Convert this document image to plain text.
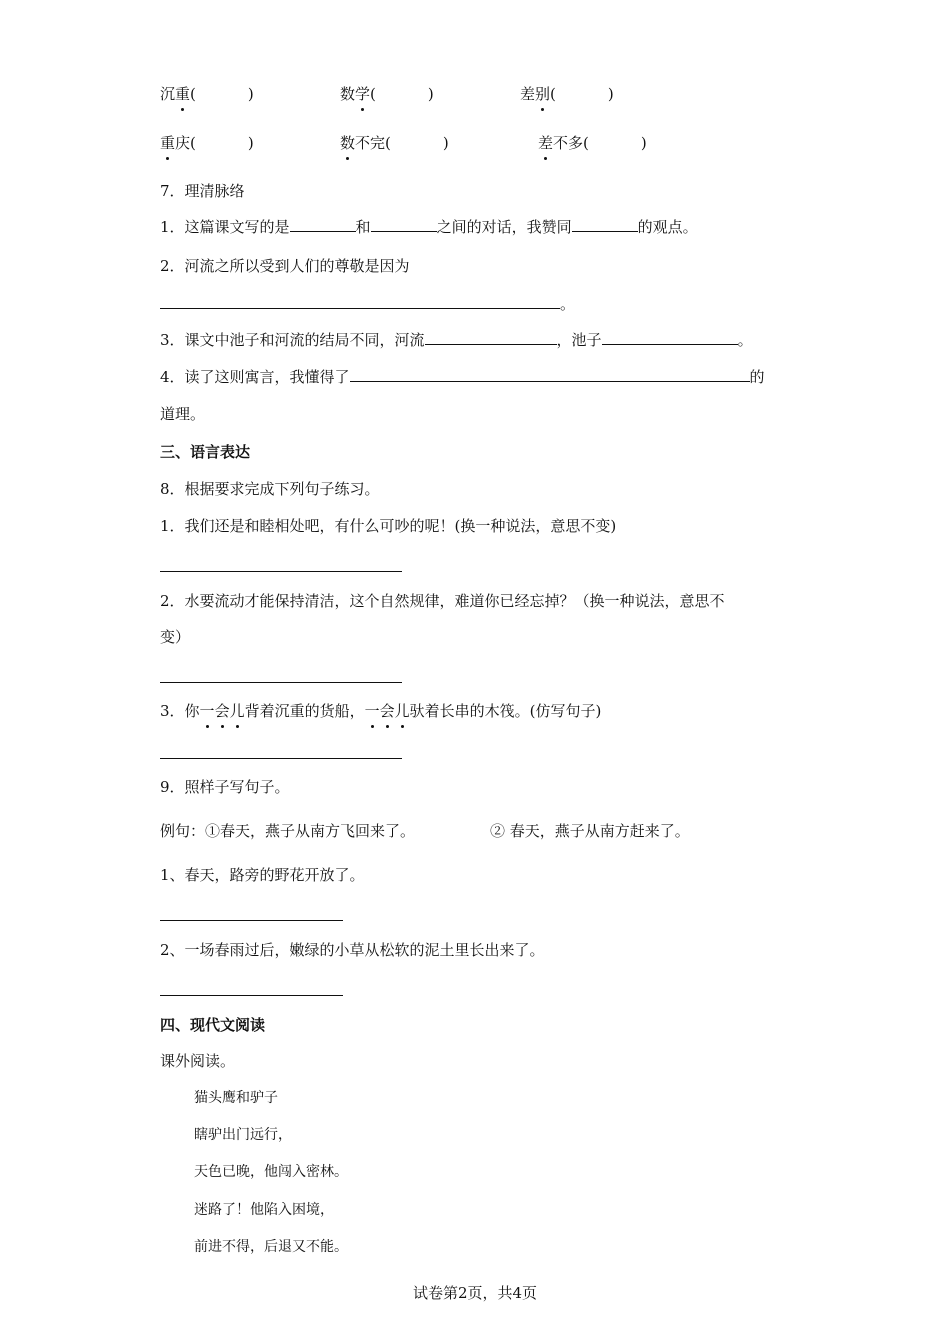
沉重(	)	数学(	)	差别(	)
重庆(	)	数不完(	)	差不多(	)
7．理清脉络
1．这篇课文写的是	和	之间的对话，我赞同	的观点。
2．河流之所以受到人们的尊敬是因为
。
3．课文中池子和河流的结局不同，河流	，池子	。
4．读了这则寓言，我懂得了	的
道理。
三、语言表达
8．根据要求完成下列句子练习。
1．我们还是和睦相处吧，有什么可吵的呢！(换一种说法，意思不变)
2．水要流动才能保持清洁，这个自然规律，难道你已经忘掉？（换一种说法，意思不
变）
3．你一会儿背着沉重的货船，一会儿驮着长串的木筏。(仿写句子)
9．照样子写句子。
例句：①春天，燕子从南方飞回来了。	② 春天，燕子从南方赶来了。
1、春天，路旁的野花开放了。
2、一场春雨过后，嫩绿的小草从松软的泥土里长出来了。
四、现代文阅读
课外阅读。
猫头鹰和驴子
瞎驴出门远行，
天色已晚，他闯入密林。
迷路了！他陷入困境，
前进不得，后退又不能。
试卷第2页，共4页
